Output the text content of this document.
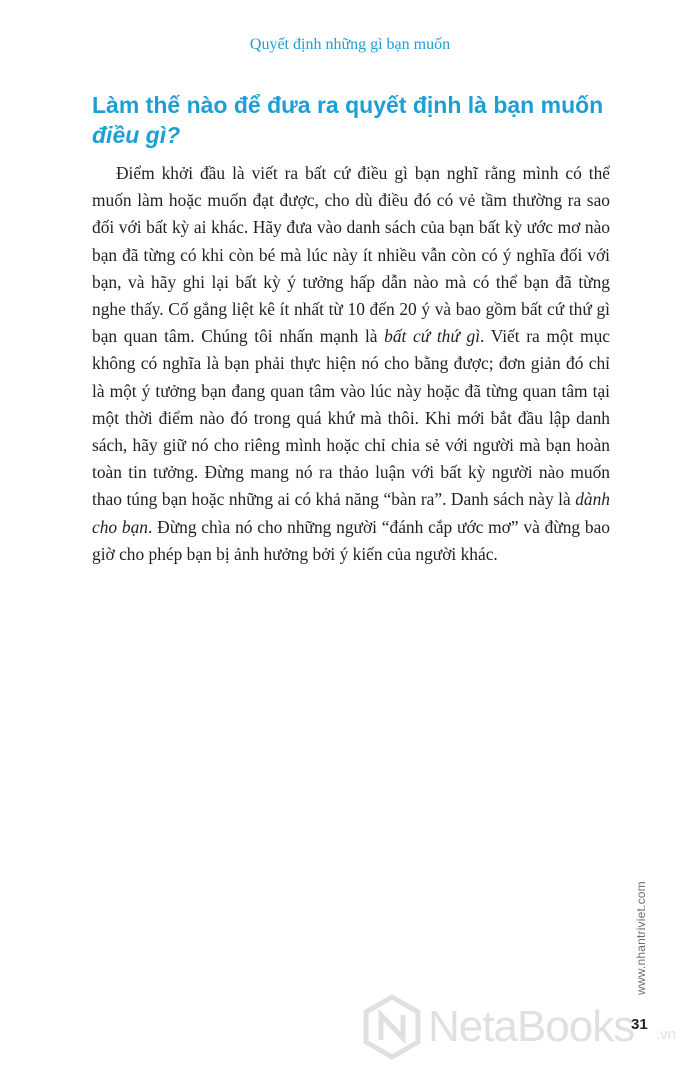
Quyết định những gì bạn muốn
Làm thế nào để đưa ra quyết định là bạn muốn điều gì?

Điểm khởi đầu là viết ra bất cứ điều gì bạn nghĩ rằng mình có thể muốn làm hoặc muốn đạt được, cho dù điều đó có vẻ tầm thường ra sao đối với bất kỳ ai khác. Hãy đưa vào danh sách của bạn bất kỳ ước mơ nào bạn đã từng có khi còn bé mà lúc này ít nhiều vẫn còn có ý nghĩa đối với bạn, và hãy ghi lại bất kỳ ý tưởng hấp dẫn nào mà có thể bạn đã từng nghe thấy. Cố gắng liệt kê ít nhất từ 10 đến 20 ý và bao gồm bất cứ thứ gì bạn quan tâm. Chúng tôi nhấn mạnh là bất cứ thứ gì. Viết ra một mục không có nghĩa là bạn phải thực hiện nó cho bằng được; đơn giản đó chỉ là một ý tưởng bạn đang quan tâm vào lúc này hoặc đã từng quan tâm tại một thời điểm nào đó trong quá khứ mà thôi. Khi mới bắt đầu lập danh sách, hãy giữ nó cho riêng mình hoặc chỉ chia sẻ với người mà bạn hoàn toàn tin tưởng. Đừng mang nó ra thảo luận với bất kỳ người nào muốn thao túng bạn hoặc những ai có khả năng “bàn ra”. Danh sách này là dành cho bạn. Đừng chìa nó cho những người “đánh cắp ước mơ” và đừng bao giờ cho phép bạn bị ảnh hưởng bởi ý kiến của người khác.

www.nhantriviet.com
31
NetaBooks .vn
